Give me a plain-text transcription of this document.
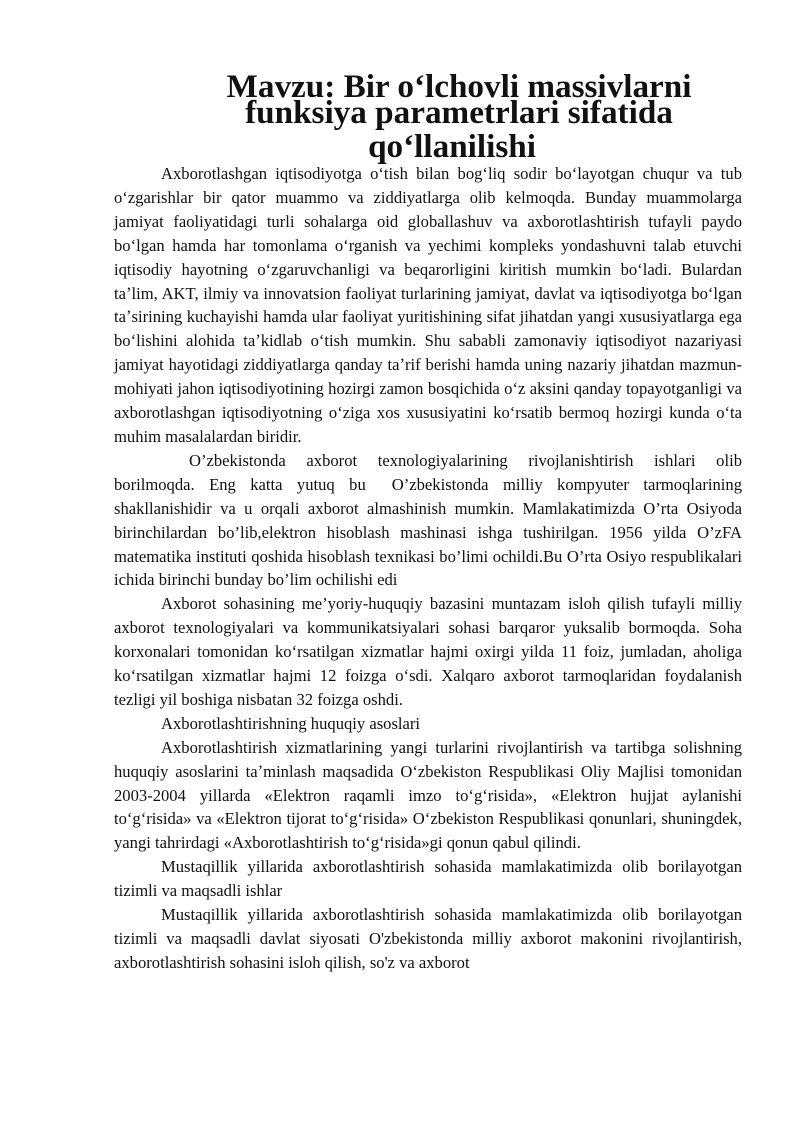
Mavzu: Bir oʻlchovli massivlarni funksiya parametrlari sifatida
qoʻllanilishi

Axborotlashgan iqtisodiyotga oʻtish bilan bogʻliq sodir boʻlayotgan chuqur va tub oʻzgarishlar bir qator muammo va ziddiyatlarga olib kelmoqda. Bunday muammolarga jamiyat faoliyatidagi turli sohalarga oid globallashuv va axborotlashtirish tufayli paydo boʻlgan hamda har tomonlama oʻrganish va yechimi kompleks yondashuvni talab etuvchi iqtisodiy hayotning oʻzgaruvchanligi va beqarorligini kiritish mumkin boʻladi. Bulardan taʼlim, AKT, ilmiy va innovatsion faoliyat turlarining jamiyat, davlat va iqtisodiyotga boʻlgan taʼsirining kuchayishi hamda ular faoliyat yuritishining sifat jihatdan yangi xususiyatlarga ega boʻlishini alohida taʼkidlab oʻtish mumkin. Shu sababli zamonaviy iqtisodiyot nazariyasi jamiyat hayotidagi ziddiyatlarga qanday taʼrif berishi hamda uning nazariy jihatdan mazmun-mohiyati jahon iqtisodiyotining hozirgi zamon bosqichida oʻz aksini qanday topayotganligi va axborotlashgan iqtisodiyotning oʻziga xos xususiyatini koʻrsatib bermoq hozirgi kunda oʻta muhim masalalardan biridir.

O’zbekistonda axborot texnologiyalarining rivojlanishtirish ishlari olib borilmoqda. Eng katta yutuq bu O’zbekistonda milliy kompyuter tarmoqlarining shakllanishidir va u orqali axborot almashinish mumkin. Mamlakatimizda O’rta Osiyoda birinchilardan bo’lib,elektron hisoblash mashinasi ishga tushirilgan. 1956 yilda O’zFA matematika instituti qoshida hisoblash texnikasi bo’limi ochildi.Bu O’rta Osiyo respublikalari ichida birinchi bunday bo’lim ochilishi edi

Axborot sohasining me’yoriy-huquqiy bazasini muntazam isloh qilish tufayli milliy axborot texnologiyalari va kommunikatsiyalari sohasi barqaror yuksalib bormoqda. Soha korxonalari tomonidan koʻrsatilgan xizmatlar hajmi oxirgi yilda 11 foiz, jumladan, aholiga koʻrsatilgan xizmatlar hajmi 12 foizga oʻsdi. Xalqaro axborot tarmoqlaridan foydalanish tezligi yil boshiga nisbatan 32 foizga oshdi.

Axborotlashtirishning huquqiy asoslari

Axborotlashtirish xizmatlarining yangi turlarini rivojlantirish va tartibga solishning huquqiy asoslarini taʼminlash maqsadida Oʻzbekiston Respublikasi Oliy Majlisi tomonidan 2003-2004 yillarda «Elektron raqamli imzo toʻgʻrisida», «Elektron hujjat aylanishi toʻgʻrisida» va «Elektron tijorat toʻgʻrisida» Oʻzbekiston Respublikasi qonunlari, shuningdek, yangi tahrirdagi «Axborotlashtirish toʻgʻrisida»gi qonun qabul qilindi.

Mustaqillik yillarida axborotlashtirish sohasida mamlakatimizda olib borilayotgan tizimli va maqsadli ishlar

Mustaqillik yillarida axborotlashtirish sohasida mamlakatimizda olib borilayotgan tizimli va maqsadli davlat siyosati O'zbekistonda milliy axborot makonini rivojlantirish, axborotlashtirish sohasini isloh qilish, so'z va axborot
